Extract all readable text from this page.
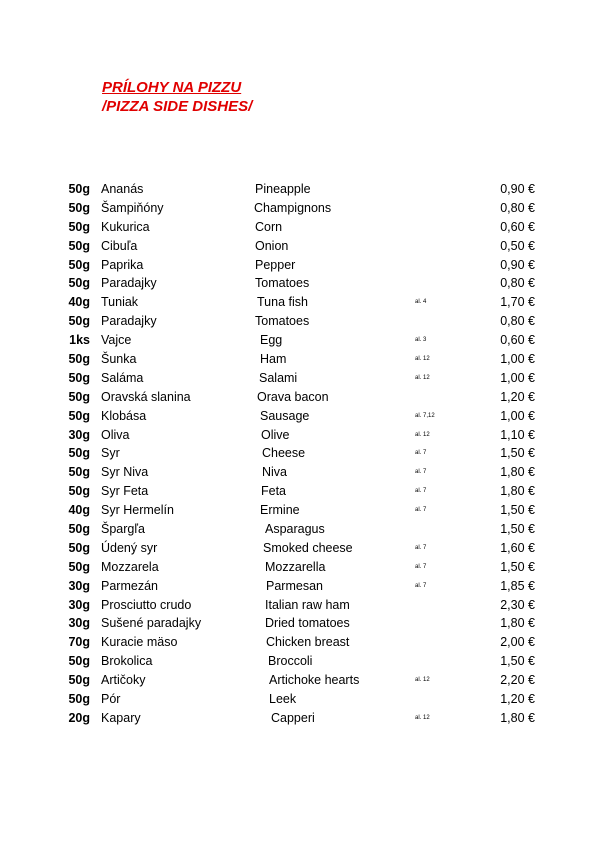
PRÍLOHY NA PIZZU
/PIZZA SIDE DISHES/
50g Ananás	Pineapple	0,90 €
50g Šampiňóny	Champignons	0,80 €
50g Kukurica	Corn	0,60 €
50g Cibuľa	Onion	0,50 €
50g Paprika	Pepper	0,90 €
50g Paradajky	Tomatoes	0,80 €
40g Tuniak	Tuna fish	al. 4	1,70 €
50g Paradajky	Tomatoes	0,80 €
1ks Vajce	Egg	al. 3	0,60 €
50g Šunka	Ham	al. 12	1,00 €
50g Saláma	Salami	al. 12	1,00 €
50g Oravská slanina	Orava bacon	1,20 €
50g Klobása	Sausage	al. 7,12	1,00 €
30g Oliva	Olive	al. 12	1,10 €
50g Syr	Cheese	al. 7	1,50 €
50g Syr Niva	Niva	al. 7	1,80 €
50g Syr Feta	Feta	al. 7	1,80 €
40g Syr Hermelín	Ermine	al. 7	1,50 €
50g Špargľa	Asparagus	1,50 €
50g Údený syr	Smoked cheese	al. 7	1,60 €
50g Mozzarela	Mozzarella	al. 7	1,50 €
30g Parmezán	Parmesan	al. 7	1,85 €
30g Prosciutto crudo	Italian raw ham	2,30 €
30g Sušené paradajky	Dried tomatoes	1,80 €
70g Kuracie mäso	Chicken breast	2,00 €
50g Brokolica	Broccoli	1,50 €
50g Artičoky	Artichoke hearts	al. 12	2,20 €
50g Pór	Leek	1,20 €
20g Kapary	Capperi	al. 12	1,80 €
